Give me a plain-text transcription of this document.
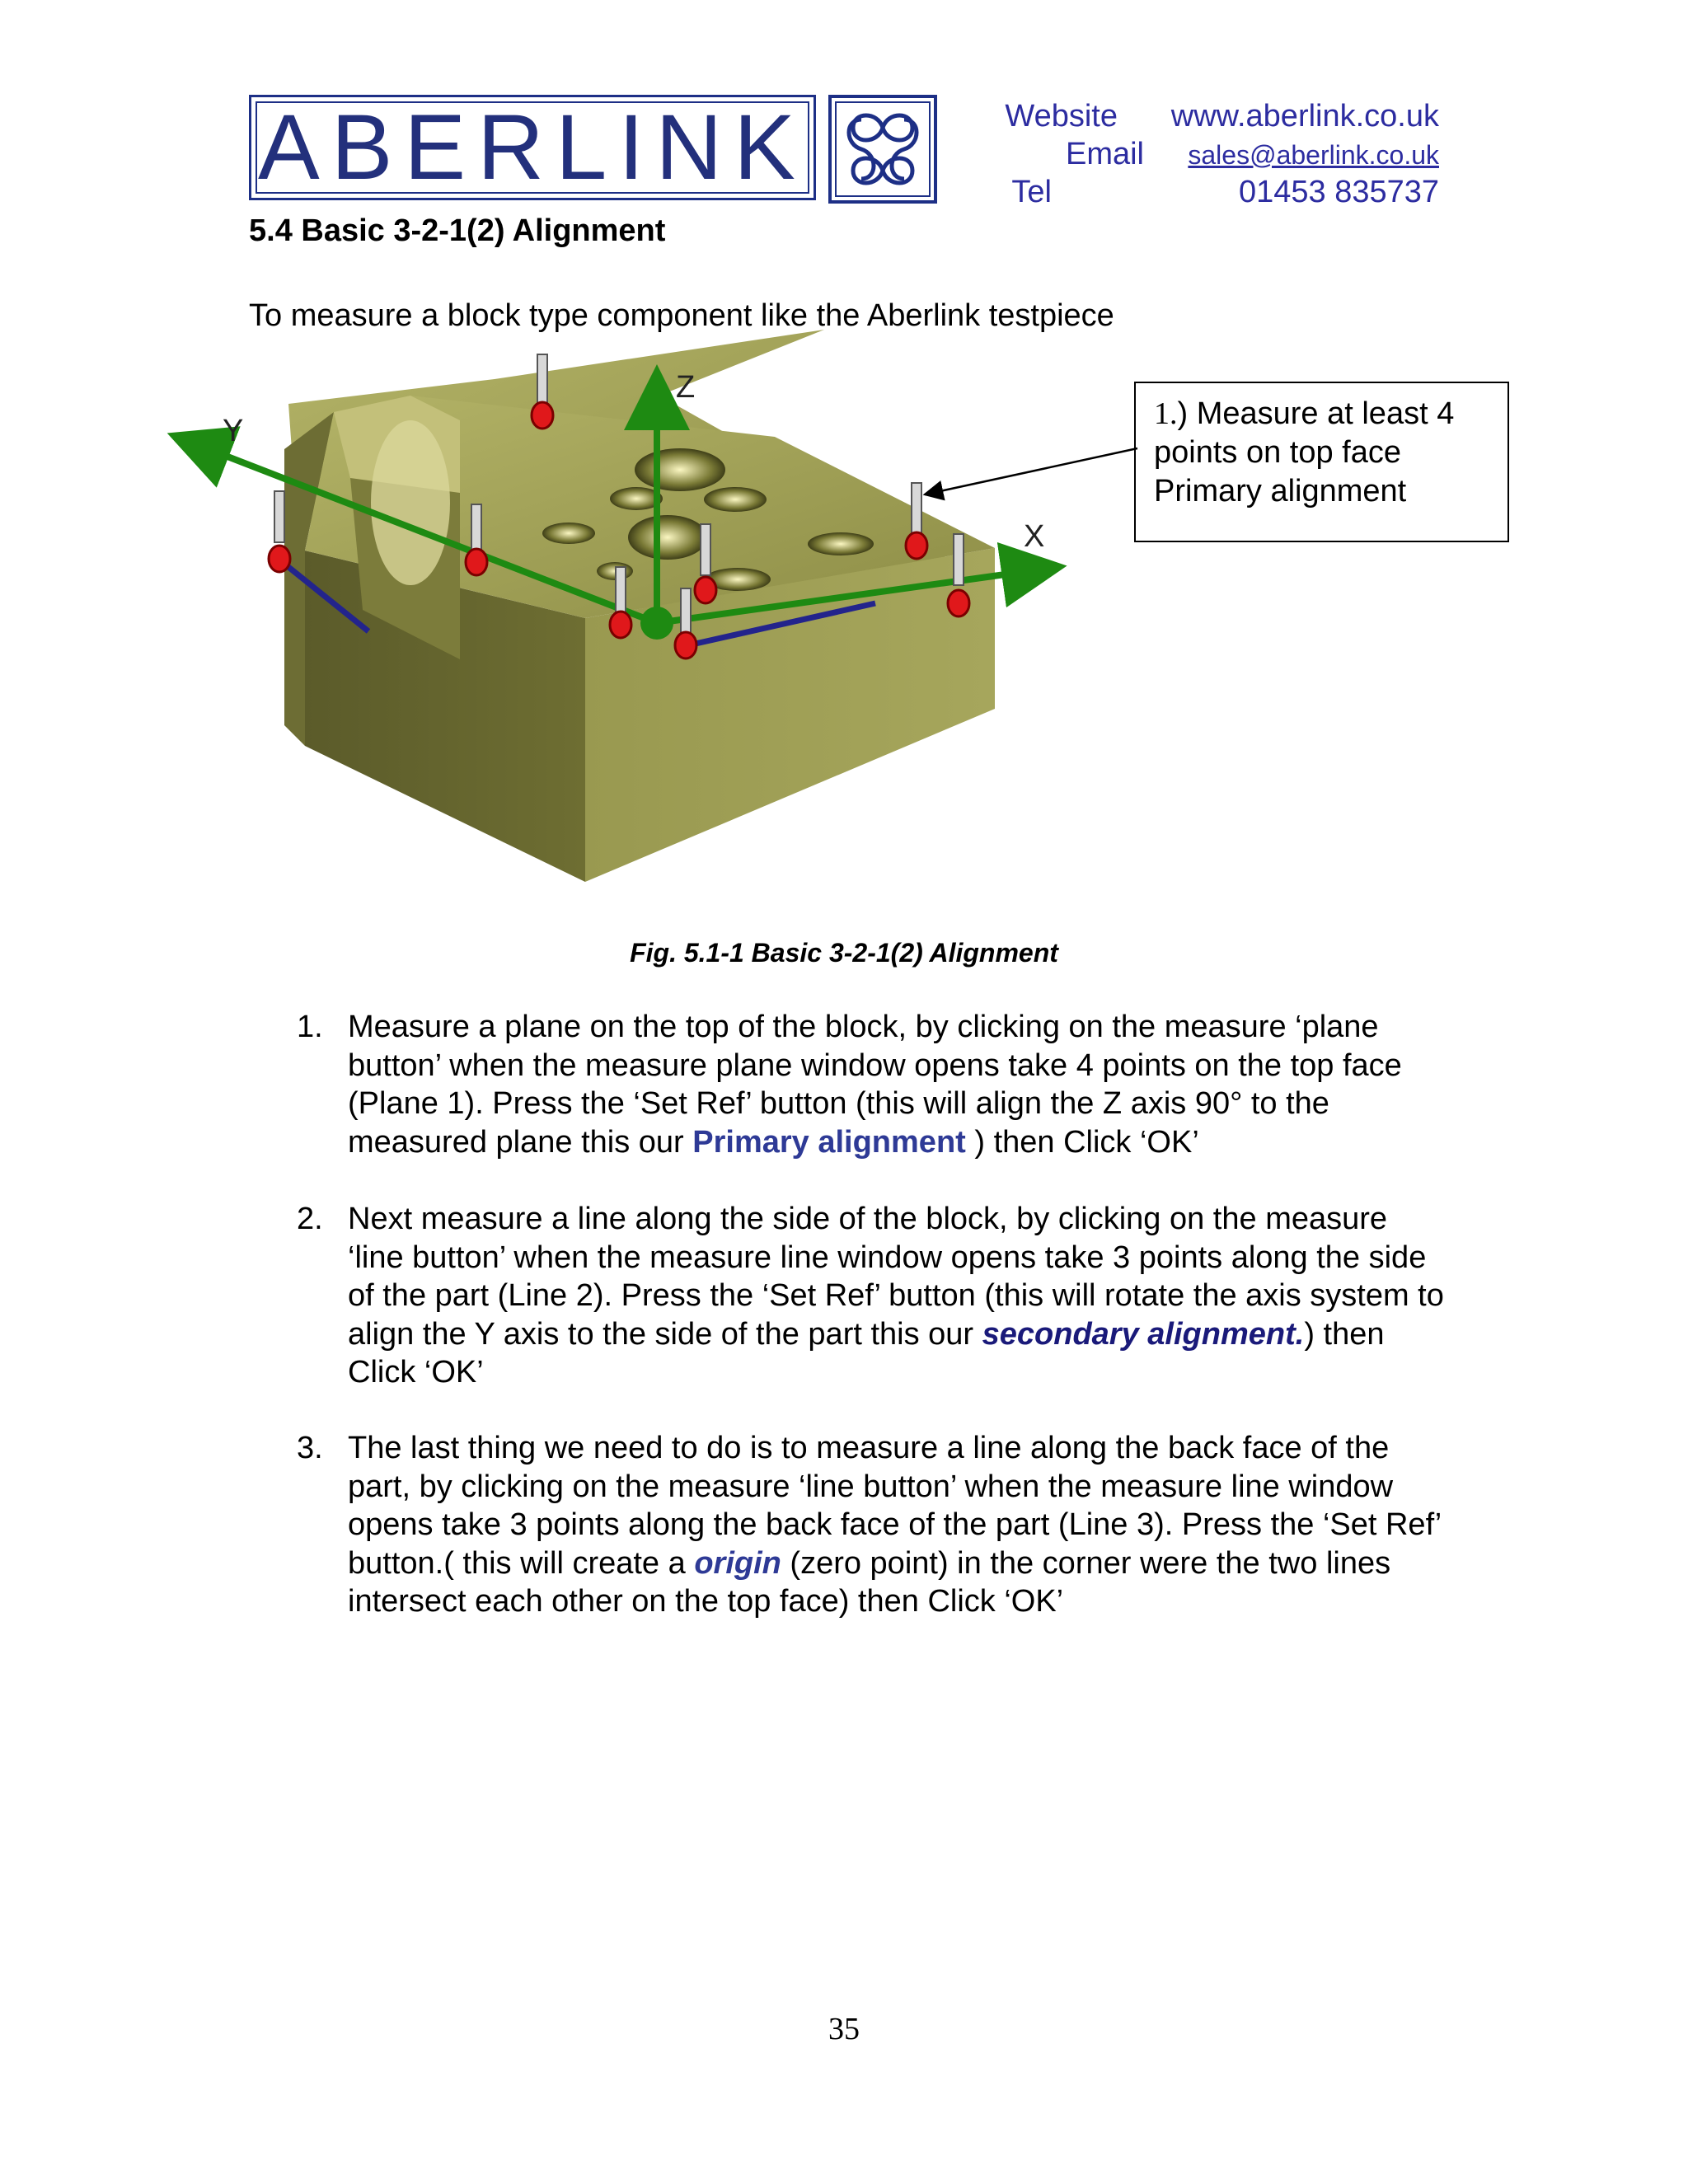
ABERLINK	Website www.aberlink.co.uk
Email sales@aberlink.co.uk
Tel	01453 835737
5.4 Basic 3-2-1(2) Alignment
To measure a block type component like the Aberlink testpiece
Z
Y
X
1.) Measure at least 4
points on top face
Primary alignment
Fig. 5.1-1 Basic 3-2-1(2) Alignment
1. Measure a plane on the top of the block, by clicking on the measure ‘plane button’ when the measure plane window opens take 4 points on the top face (Plane 1). Press the ‘Set Ref’ button (this will align the Z axis 90° to the measured plane this our Primary alignment ) then Click ‘OK’
2. Next measure a line along the side of the block, by clicking on the measure ‘line button’ when the measure line window opens take 3 points along the side of the part (Line 2). Press the ‘Set Ref’ button (this will rotate the axis system to align the Y axis to the side of the part this our secondary alignment.) then Click ‘OK’
3. The last thing we need to do is to measure a line along the back face of the part, by clicking on the measure ‘line button’ when the measure line window opens take 3 points along the back face of the part (Line 3). Press the ‘Set Ref’ button.( this will create a origin (zero point) in the corner were the two lines intersect each other on the top face) then Click ‘OK’
35
